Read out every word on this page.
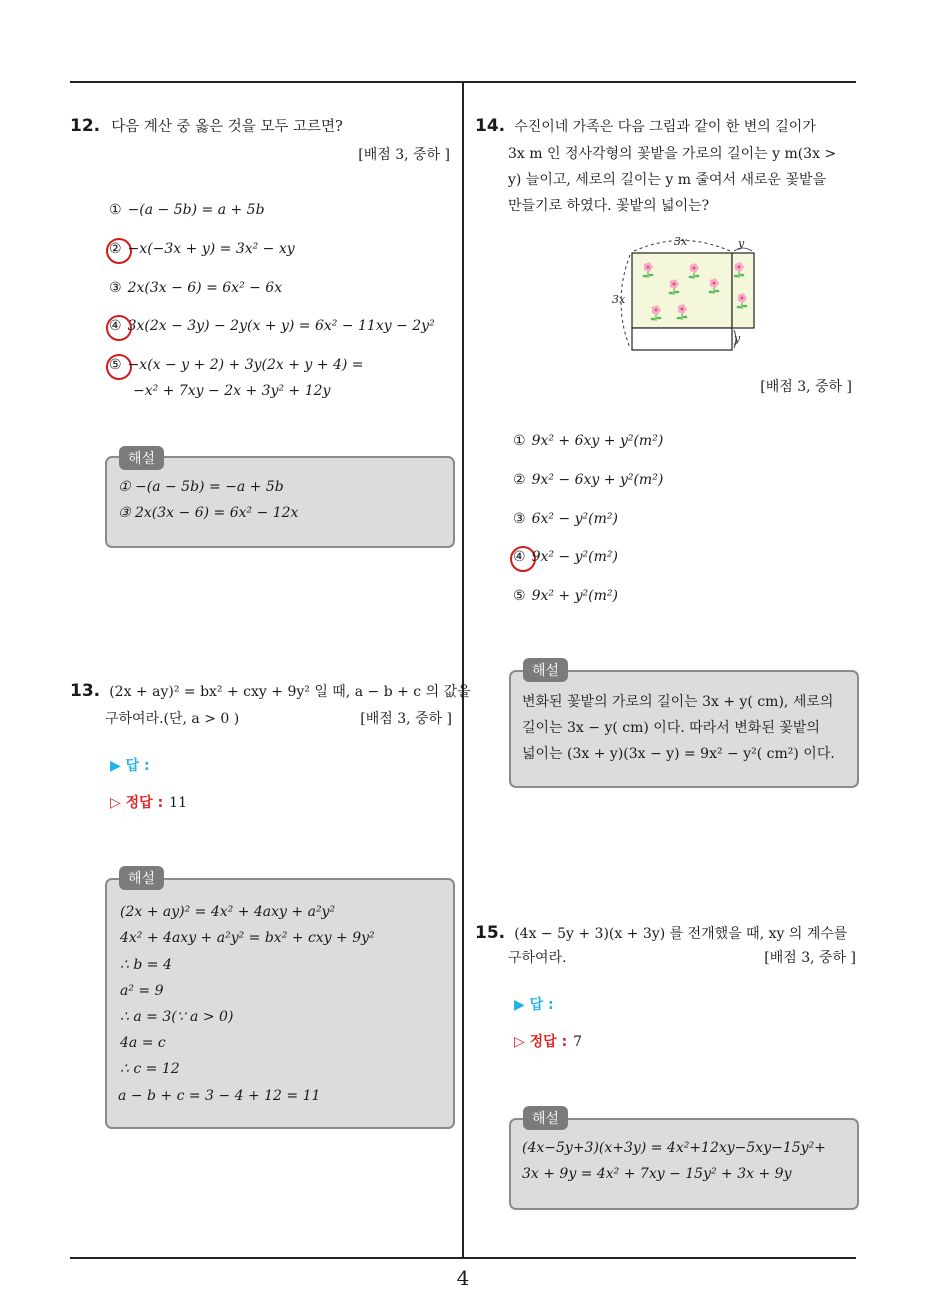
4
12. 다음 계산 중 옳은 것을 모두 고르면?
[배점 3, 중하 ]
① −(a − 5b) = a + 5b
② −x(−3x + y) = 3x² − xy
③ 2x(3x − 6) = 6x² − 6x
④ 3x(2x − 3y) − 2y(x + y) = 6x² − 11xy − 2y²
⑤ −x(x − y + 2) + 3y(2x + y + 4) =
−x² + 7xy − 2x + 3y² + 12y
해설
① −(a − 5b) = −a + 5b
③ 2x(3x − 6) = 6x² − 12x
13. (2x + ay)² = bx² + cxy + 9y² 일 때, a − b + c 의 값을
구하여라.(단, a > 0 )	[배점 3, 중하 ]
▶ 답 :
▷ 정답 : 11
해설
(2x + ay)² = 4x² + 4axy + a²y²
4x² + 4axy + a²y² = bx² + cxy + 9y²
∴ b = 4
a² = 9
∴ a = 3(∵ a > 0)
4a = c
∴ c = 12
a − b + c = 3 − 4 + 12 = 11
14. 수진이네 가족은 다음 그림과 같이 한 변의 길이가
3x m 인 정사각형의 꽃밭을 가로의 길이는 y m(3x >
y) 늘이고, 세로의 길이는 y m 줄여서 새로운 꽃밭을
만들기로 하였다. 꽃밭의 넓이는?
3x	y
3x
y
[배점 3, 중하 ]
① 9x² + 6xy + y²(m²)
② 9x² − 6xy + y²(m²)
③ 6x² − y²(m²)
④ 9x² − y²(m²)
⑤ 9x² + y²(m²)
해설
변화된 꽃밭의 가로의 길이는 3x + y( cm), 세로의
길이는 3x − y( cm) 이다. 따라서 변화된 꽃밭의
넓이는 (3x + y)(3x − y) = 9x² − y²( cm²) 이다.
15. (4x − 5y + 3)(x + 3y) 를 전개했을 때, xy 의 계수를
구하여라.	[배점 3, 중하 ]
▶ 답 :
▷ 정답 : 7
해설
(4x−5y+3)(x+3y) = 4x²+12xy−5xy−15y²+
3x + 9y = 4x² + 7xy − 15y² + 3x + 9y
